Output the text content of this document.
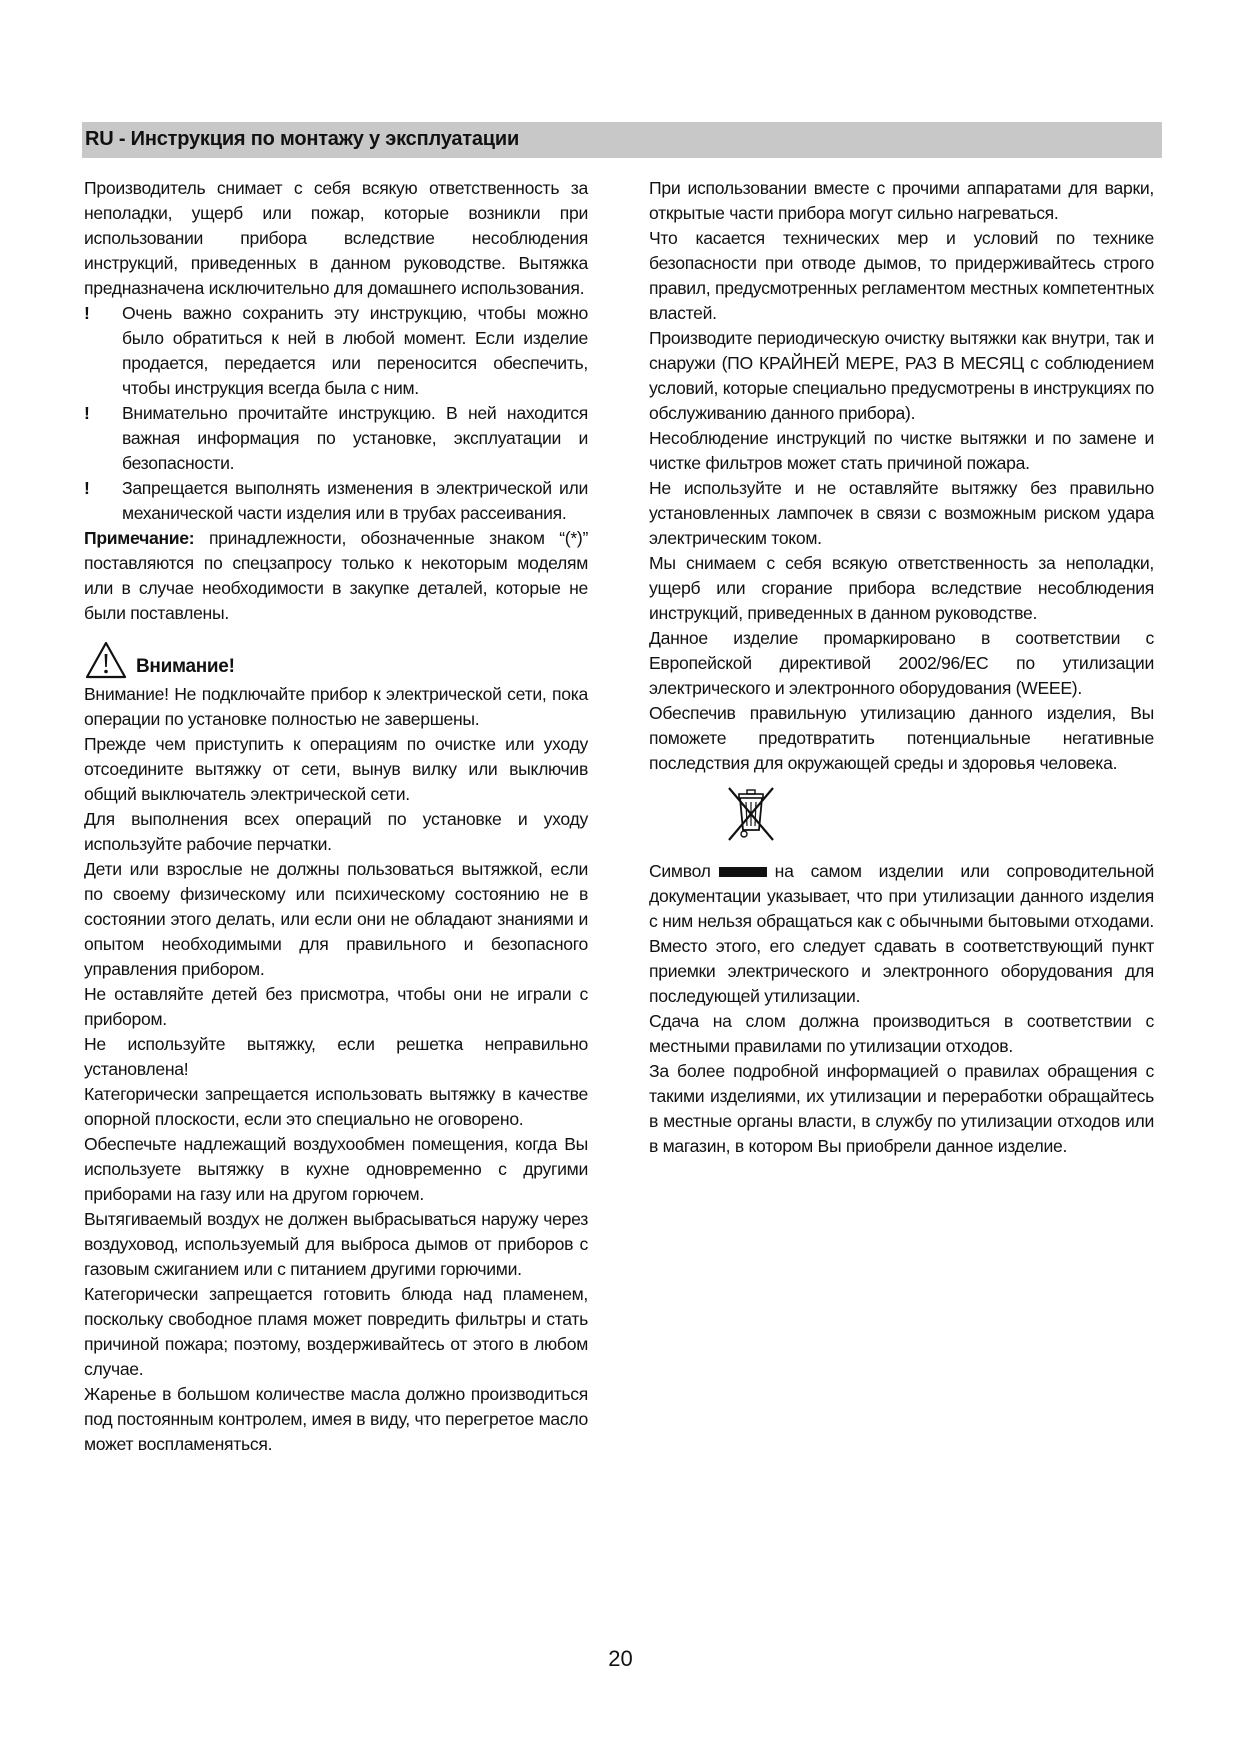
RU - Инструкция по монтажу у эксплуатации

Производитель снимает с себя всякую ответственность за неполадки, ущерб или пожар, которые возникли при использовании прибора вследствие несоблюдения инструкций, приведенных в данном руководстве. Вытяжка предназначена исключительно для домашнего использования.

!	Очень важно сохранить эту инструкцию, чтобы можно было обратиться к ней в любой момент. Если изделие продается, передается или переносится обеспечить, чтобы инструкция всегда была с ним.
!	Внимательно прочитайте инструкцию. В ней находится важная информация по установке, эксплуатации и безопасности.
!	Запрещается выполнять изменения в электрической или механической части изделия или в трубах рассеивания.

Примечание: принадлежности, обозначенные знаком “(*)” поставляются по спецзапросу только к некоторым моделям или в случае необходимости в закупке деталей, которые не были поставлены.

Внимание!

Внимание! Не подключайте прибор к электрической сети, пока операции по установке полностью не завершены.

Прежде чем приступить к операциям по очистке или уходу отсоедините вытяжку от сети, вынув вилку или выключив общий выключатель электрической сети.

Для выполнения всех операций по установке и уходу используйте рабочие перчатки.

Дети или взрослые не должны пользоваться вытяжкой, если по своему физическому или психическому состоянию не в состоянии этого делать, или если они не обладают знаниями и опытом необходимыми для правильного и безопасного управления прибором.

Не оставляйте детей без присмотра, чтобы они не играли с прибором.

Не используйте вытяжку, если решетка неправильно установлена!

Категорически запрещается использовать вытяжку в качестве опорной плоскости, если это специально не оговорено.

Обеспечьте надлежащий воздухообмен помещения, когда Вы используете вытяжку в кухне одновременно с другими приборами на газу или на другом горючем.

Вытягиваемый воздух не должен выбрасываться наружу через воздуховод, используемый для выброса дымов от приборов с газовым сжиганием или с питанием другими горючими.

Категорически запрещается готовить блюда над пламенем, поскольку свободное пламя может повредить фильтры и стать причиной пожара; поэтому, воздерживайтесь от этого в любом случае.

Жаренье в большом количестве масла должно производиться под постоянным контролем, имея в виду, что перегретое масло может воспламеняться.

При использовании вместе с прочими аппаратами для варки, открытые части прибора могут сильно нагреваться.

Что касается технических мер и условий по технике безопасности при отводе дымов, то придерживайтесь строго правил, предусмотренных регламентом местных компетентных властей.

Производите периодическую очистку вытяжки как внутри, так и снаружи (ПО КРАЙНЕЙ МЕРЕ, РАЗ В МЕСЯЦ с соблюдением условий, которые специально предусмотрены в инструкциях по обслуживанию данного прибора).

Несоблюдение инструкций по чистке вытяжки и по замене и чистке фильтров может стать причиной пожара.

Не используйте и не оставляйте вытяжку без правильно установленных лампочек в связи с возможным риском удара электрическим током.

Мы снимаем с себя всякую ответственность за неполадки, ущерб или сгорание прибора вследствие несоблюдения инструкций, приведенных в данном руководстве.

Данное изделие промаркировано в соответствии с Европейской директивой 2002/96/EC по утилизации электрического и электронного оборудования (WEEE).

Обеспечив правильную утилизацию данного изделия, Вы поможете предотвратить потенциальные негативные последствия для окружающей среды и здоровья человека.

Символ	на самом изделии или сопроводительной документации указывает, что при утилизации данного изделия с ним нельзя обращаться как с обычными бытовыми отходами. Вместо этого, его следует сдавать в соответствующий пункт приемки электрического и электронного оборудования для последующей утилизации.

Сдача на слом должна производиться в соответствии с местными правилами по утилизации отходов.

За более подробной информацией о правилах обращения с такими изделиями, их утилизации и переработки обращайтесь в местные органы власти, в службу по утилизации отходов или в магазин, в котором Вы приобрели данное изделие.

20
